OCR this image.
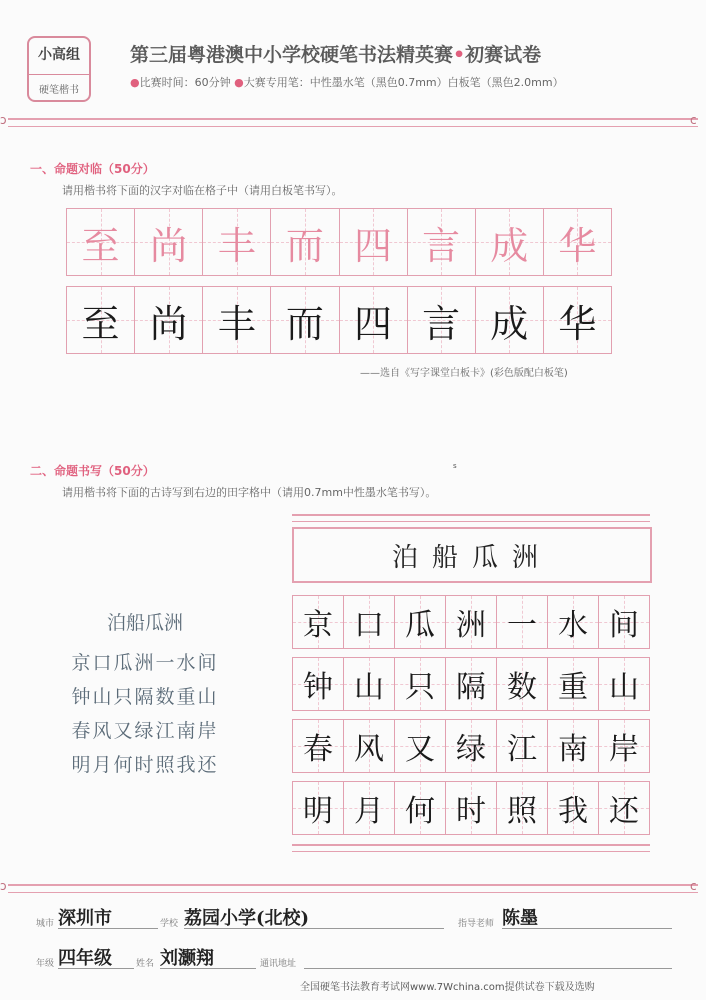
小高组
硬笔楷书
第三届粤港澳中小学校硬笔书法精英赛•初赛试卷
●比赛时间：60分钟 ●大赛专用笔：中性墨水笔（黑色0.7mm）白板笔（黑色2.0mm）
ↄ	c
一、命题对临（50分）
请用楷书将下面的汉字对临在格子中（请用白板笔书写）。
至 尚 丰 而 四 言 成 华
至 尚 丰 而 四 言 成 华
——选自《写字课堂白板卡》(彩色版配白板笔)
s
二、命题书写（50分）
请用楷书将下面的古诗写到右边的田字格中（请用0.7mm中性墨水笔书写）。
泊船瓜洲
京 口 瓜 洲 一 水 间
钟 山 只 隔 数 重 山
春 风 又 绿 江 南 岸
明 月 何 时 照 我 还
泊船瓜洲
京口瓜洲一水间
钟山只隔数重山
春风又绿江南岸
明月何时照我还
ↄ	c
城市 深圳市	学校 荔园小学(北校)	指导老师 陈墨
年级 四年级	姓名 刘灏翔	通讯地址
全国硬笔书法教育考试网www.7Wchina.com提供试卷下载及选购
